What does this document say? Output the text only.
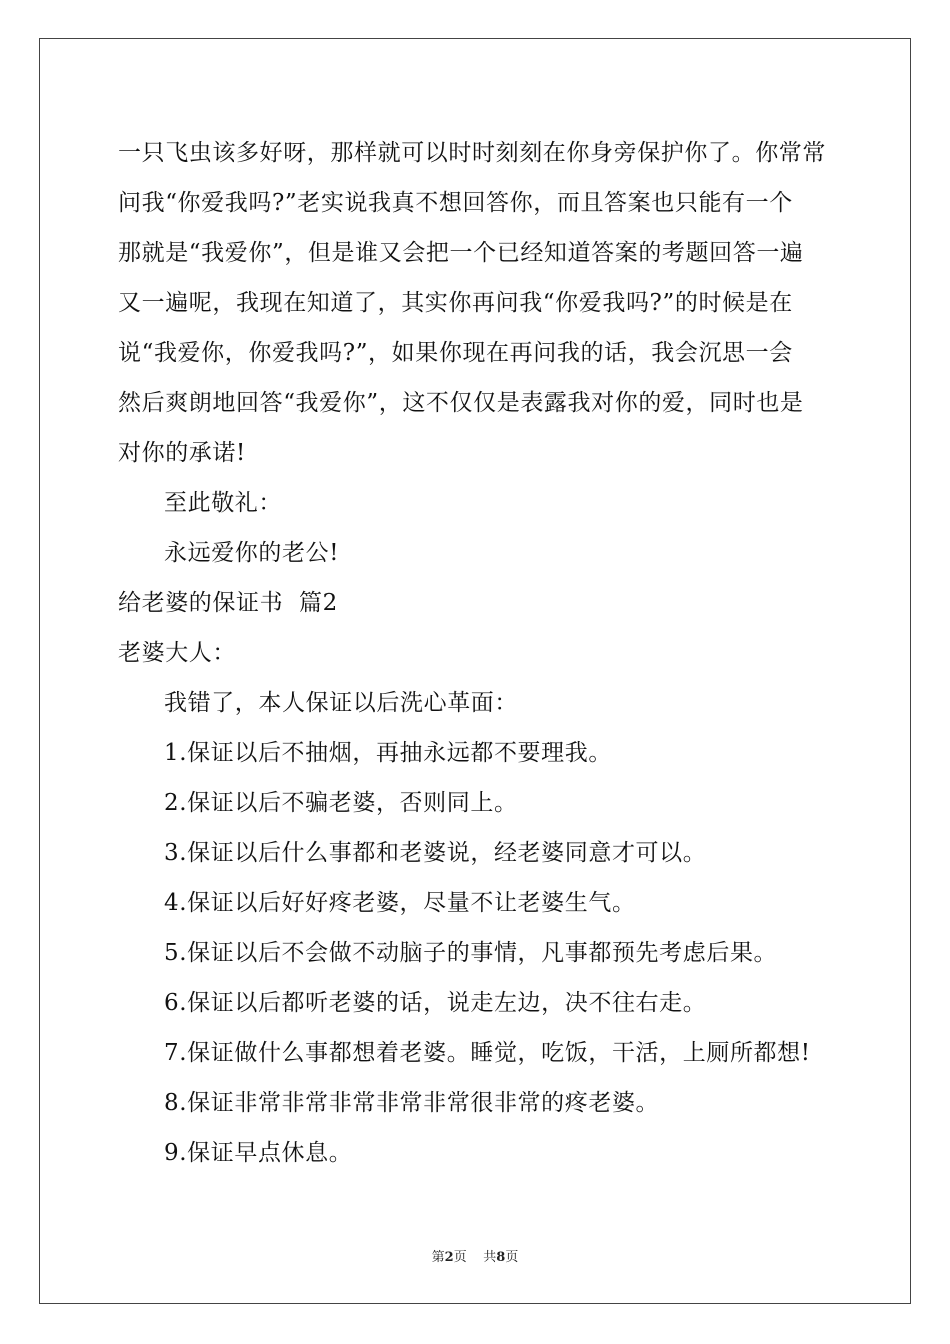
一只飞虫该多好呀，那样就可以时时刻刻在你身旁保护你了。你常常
问我“你爱我吗?”老实说我真不想回答你，而且答案也只能有一个
那就是“我爱你”，但是谁又会把一个已经知道答案的考题回答一遍
又一遍呢，我现在知道了，其实你再问我“你爱我吗?”的时候是在
说“我爱你，你爱我吗?”，如果你现在再问我的话，我会沉思一会
然后爽朗地回答“我爱你”，这不仅仅是表露我对你的爱，同时也是
对你的承诺!
至此敬礼：
永远爱你的老公!
给老婆的保证书  篇2
老婆大人：
我错了，本人保证以后洗心革面：
1.保证以后不抽烟，再抽永远都不要理我。
2.保证以后不骗老婆，否则同上。
3.保证以后什么事都和老婆说，经老婆同意才可以。
4.保证以后好好疼老婆，尽量不让老婆生气。
5.保证以后不会做不动脑子的事情，凡事都预先考虑后果。
6.保证以后都听老婆的话，说走左边，决不往右走。
7.保证做什么事都想着老婆。睡觉，吃饭，干活，上厕所都想!
8.保证非常非常非常非常非常很非常的疼老婆。
9.保证早点休息。
第2页 共8页
